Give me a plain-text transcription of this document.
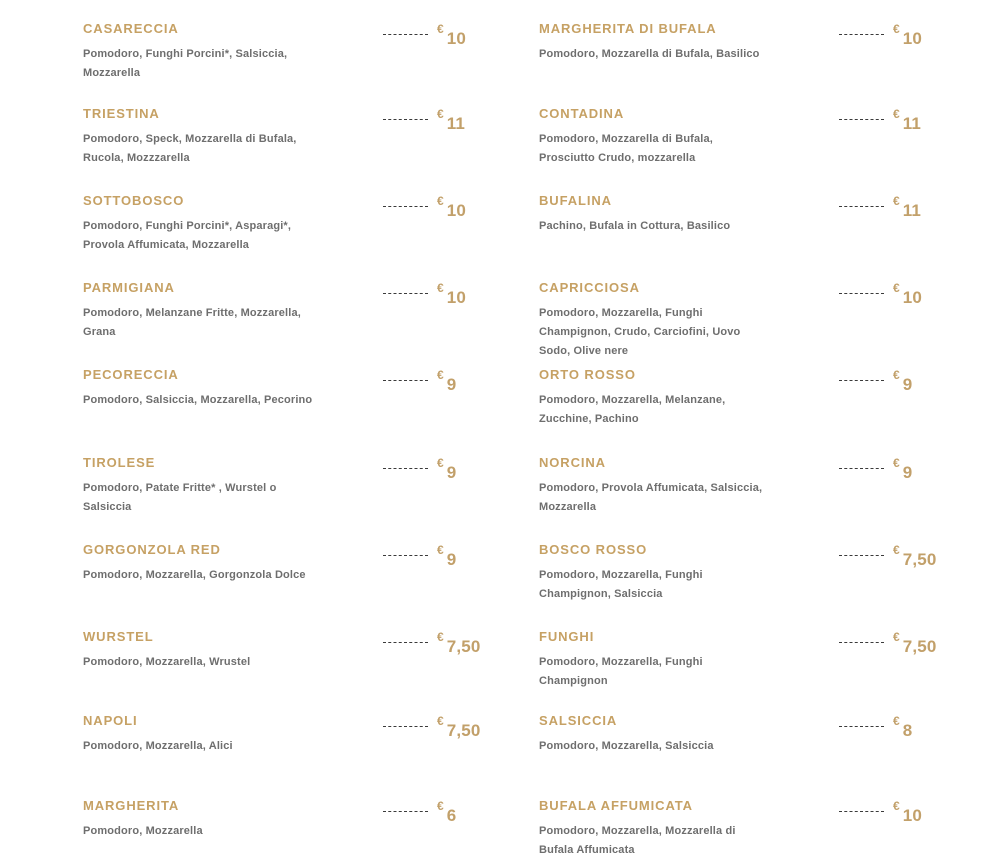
CASARECCIA
Pomodoro, Funghi Porcini*, Salsiccia, Mozzarella
€ 10
TRIESTINA
Pomodoro, Speck, Mozzarella di Bufala, Rucola, Mozzzarella
€ 11
SOTTOBOSCO
Pomodoro, Funghi Porcini*, Asparagi*, Provola Affumicata, Mozzarella
€ 10
PARMIGIANA
Pomodoro, Melanzane Fritte, Mozzarella, Grana
€ 10
PECORECCIA
Pomodoro, Salsiccia, Mozzarella, Pecorino
€ 9
TIROLESE
Pomodoro, Patate Fritte* , Wurstel o Salsiccia
€ 9
GORGONZOLA RED
Pomodoro, Mozzarella, Gorgonzola Dolce
€ 9
WURSTEL
Pomodoro, Mozzarella, Wrustel
€ 7,50
NAPOLI
Pomodoro, Mozzarella, Alici
€ 7,50
MARGHERITA
Pomodoro, Mozzarella
€ 6
MARGHERITA DI BUFALA
Pomodoro, Mozzarella di Bufala, Basilico
€ 10
CONTADINA
Pomodoro, Mozzarella di Bufala, Prosciutto Crudo, mozzarella
€ 11
BUFALINA
Pachino, Bufala in Cottura, Basilico
€ 11
CAPRICCIOSA
Pomodoro, Mozzarella, Funghi Champignon, Crudo, Carciofini, Uovo Sodo, Olive nere
€ 10
ORTO ROSSO
Pomodoro, Mozzarella, Melanzane, Zucchine, Pachino
€ 9
NORCINA
Pomodoro, Provola Affumicata, Salsiccia, Mozzarella
€ 9
BOSCO ROSSO
Pomodoro, Mozzarella, Funghi Champignon, Salsiccia
€ 7,50
FUNGHI
Pomodoro, Mozzarella, Funghi Champignon
€ 7,50
SALSICCIA
Pomodoro, Mozzarella, Salsiccia
€ 8
BUFALA AFFUMICATA
Pomodoro, Mozzarella, Mozzarella di Bufala Affumicata
€ 10
